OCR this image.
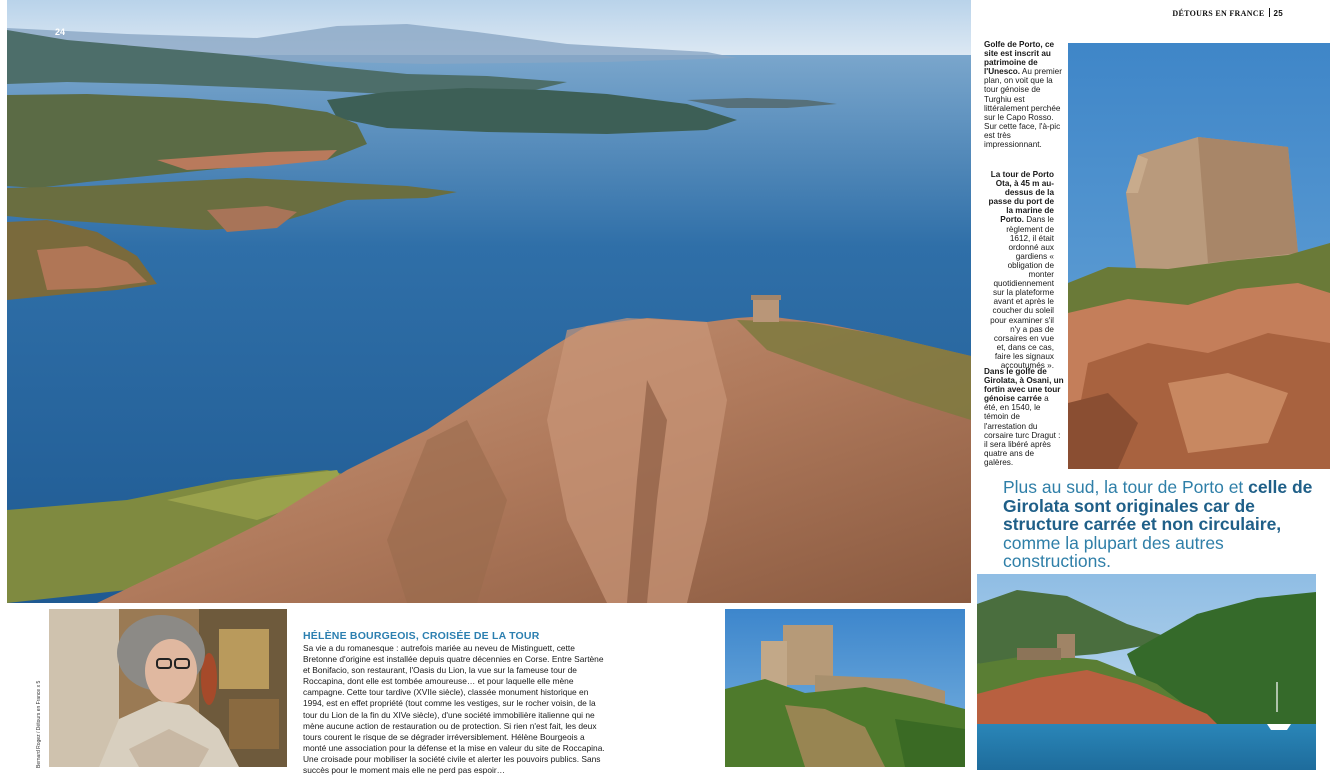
24
DÉTOURS EN FRANCE 25
Golfe de Porto, ce site est inscrit au patrimoine de l'Unesco. Au premier plan, on voit que la tour génoise de Turghiu est littéralement perchée sur le Capo Rosso. Sur cette face, l'à-pic est très impressionnant.
La tour de Porto Ota, à 45 m au-dessus de la passe du port de la marine de Porto. Dans le règlement de 1612, il était ordonné aux gardiens « obligation de monter quotidiennement sur la plateforme avant et après le coucher du soleil pour examiner s'il n'y a pas de corsaires en vue et, dans ce cas, faire les signaux accoutumés ».
Dans le golfe de Girolata, à Osani, un fortin avec une tour génoise carrée a été, en 1540, le témoin de l'arrestation du corsaire turc Dragut : il sera libéré après quatre ans de galères.
Plus au sud, la tour de Porto et celle de Girolata sont originales car de structure carrée et non circulaire, comme la plupart des autres constructions.
Bernard Rogez / Détours en France x 5
HÉLÈNE BOURGEOIS, CROISÉE DE LA TOUR
Sa vie a du romanesque : autrefois mariée au neveu de Mistinguett, cette Bretonne d'origine est installée depuis quatre décennies en Corse. Entre Sartène et Bonifacio, son restaurant, l'Oasis du Lion, la vue sur la fameuse tour de Roccapina, dont elle est tombée amoureuse… et pour laquelle elle mène campagne. Cette tour tardive (XVIIe siècle), classée monument historique en 1994, est en effet propriété (tout comme les vestiges, sur le rocher voisin, de la tour du Lion de la fin du XIVe siècle), d'une société immobilière italienne qui ne mène aucune action de restauration ou de protection. Si rien n'est fait, les deux tours courent le risque de se dégrader irréversiblement. Hélène Bourgeois a monté une association pour la défense et la mise en valeur du site de Roccapina. Une croisade pour mobiliser la société civile et alerter les pouvoirs publics. Sans succès pour le moment mais elle ne perd pas espoir…
